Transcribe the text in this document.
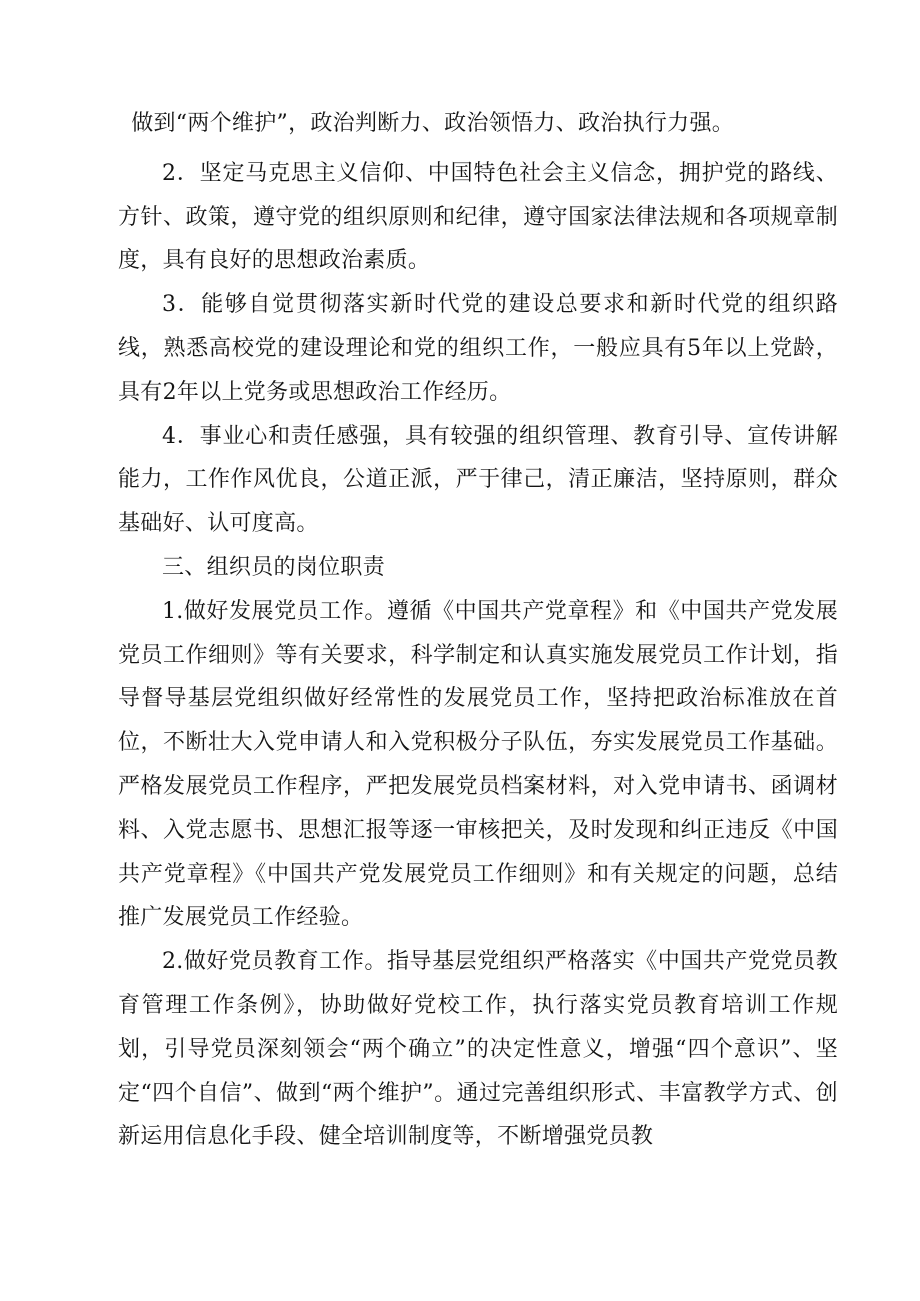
做到“两个维护”，政治判断力、政治领悟力、政治执行力强。

2．坚定马克思主义信仰、中国特色社会主义信念，拥护党的路线、方针、政策，遵守党的组织原则和纪律，遵守国家法律法规和各项规章制度，具有良好的思想政治素质。

3．能够自觉贯彻落实新时代党的建设总要求和新时代党的组织路线，熟悉高校党的建设理论和党的组织工作，一般应具有5年以上党龄，具有2年以上党务或思想政治工作经历。

4．事业心和责任感强，具有较强的组织管理、教育引导、宣传讲解能力，工作作风优良，公道正派，严于律己，清正廉洁，坚持原则，群众基础好、认可度高。

三、组织员的岗位职责

1.做好发展党员工作。遵循《中国共产党章程》和《中国共产党发展党员工作细则》等有关要求，科学制定和认真实施发展党员工作计划，指导督导基层党组织做好经常性的发展党员工作，坚持把政治标准放在首位，不断壮大入党申请人和入党积极分子队伍，夯实发展党员工作基础。严格发展党员工作程序，严把发展党员档案材料，对入党申请书、函调材料、入党志愿书、思想汇报等逐一审核把关，及时发现和纠正违反《中国共产党章程》《中国共产党发展党员工作细则》和有关规定的问题，总结推广发展党员工作经验。

2.做好党员教育工作。指导基层党组织严格落实《中国共产党党员教育管理工作条例》，协助做好党校工作，执行落实党员教育培训工作规划，引导党员深刻领会“两个确立”的决定性意义，增强“四个意识”、坚定“四个自信”、做到“两个维护”。通过完善组织形式、丰富教学方式、创新运用信息化手段、健全培训制度等，不断增强党员教
